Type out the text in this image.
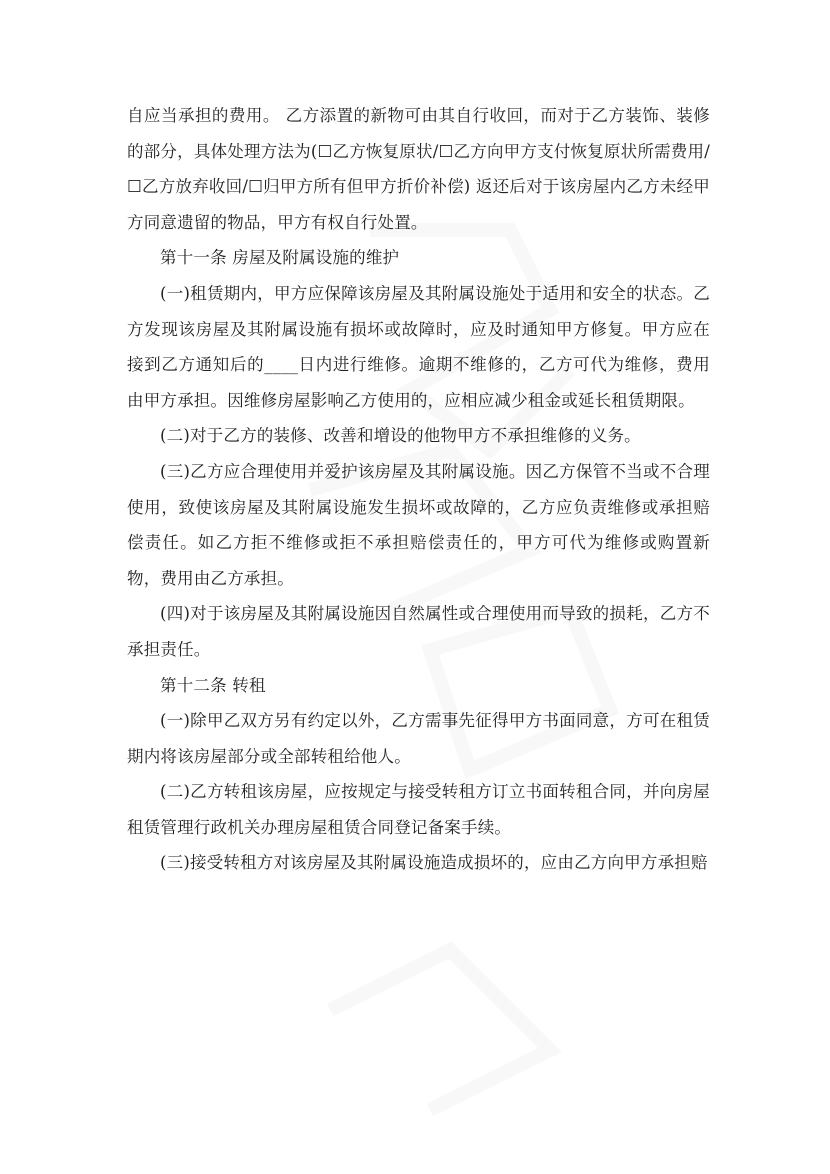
自应当承担的费用。 乙方添置的新物可由其自行收回，而对于乙方装饰、装修的部分，具体处理方法为(☐乙方恢复原状/☐乙方向甲方支付恢复原状所需费用/☐乙方放弃收回/☐归甲方所有但甲方折价补偿) 返还后对于该房屋内乙方未经甲方同意遗留的物品，甲方有权自行处置。

第十一条 房屋及附属设施的维护

(一)租赁期内，甲方应保障该房屋及其附属设施处于适用和安全的状态。乙方发现该房屋及其附属设施有损坏或故障时，应及时通知甲方修复。甲方应在接到乙方通知后的____日内进行维修。逾期不维修的，乙方可代为维修，费用由甲方承担。因维修房屋影响乙方使用的，应相应减少租金或延长租赁期限。

(二)对于乙方的装修、改善和增设的他物甲方不承担维修的义务。

(三)乙方应合理使用并爱护该房屋及其附属设施。因乙方保管不当或不合理使用，致使该房屋及其附属设施发生损坏或故障的，乙方应负责维修或承担赔偿责任。如乙方拒不维修或拒不承担赔偿责任的，甲方可代为维修或购置新物，费用由乙方承担。

(四)对于该房屋及其附属设施因自然属性或合理使用而导致的损耗，乙方不承担责任。

第十二条 转租

(一)除甲乙双方另有约定以外，乙方需事先征得甲方书面同意，方可在租赁期内将该房屋部分或全部转租给他人。

(二)乙方转租该房屋，应按规定与接受转租方订立书面转租合同，并向房屋租赁管理行政机关办理房屋租赁合同登记备案手续。

(三)接受转租方对该房屋及其附属设施造成损坏的，应由乙方向甲方承担赔
